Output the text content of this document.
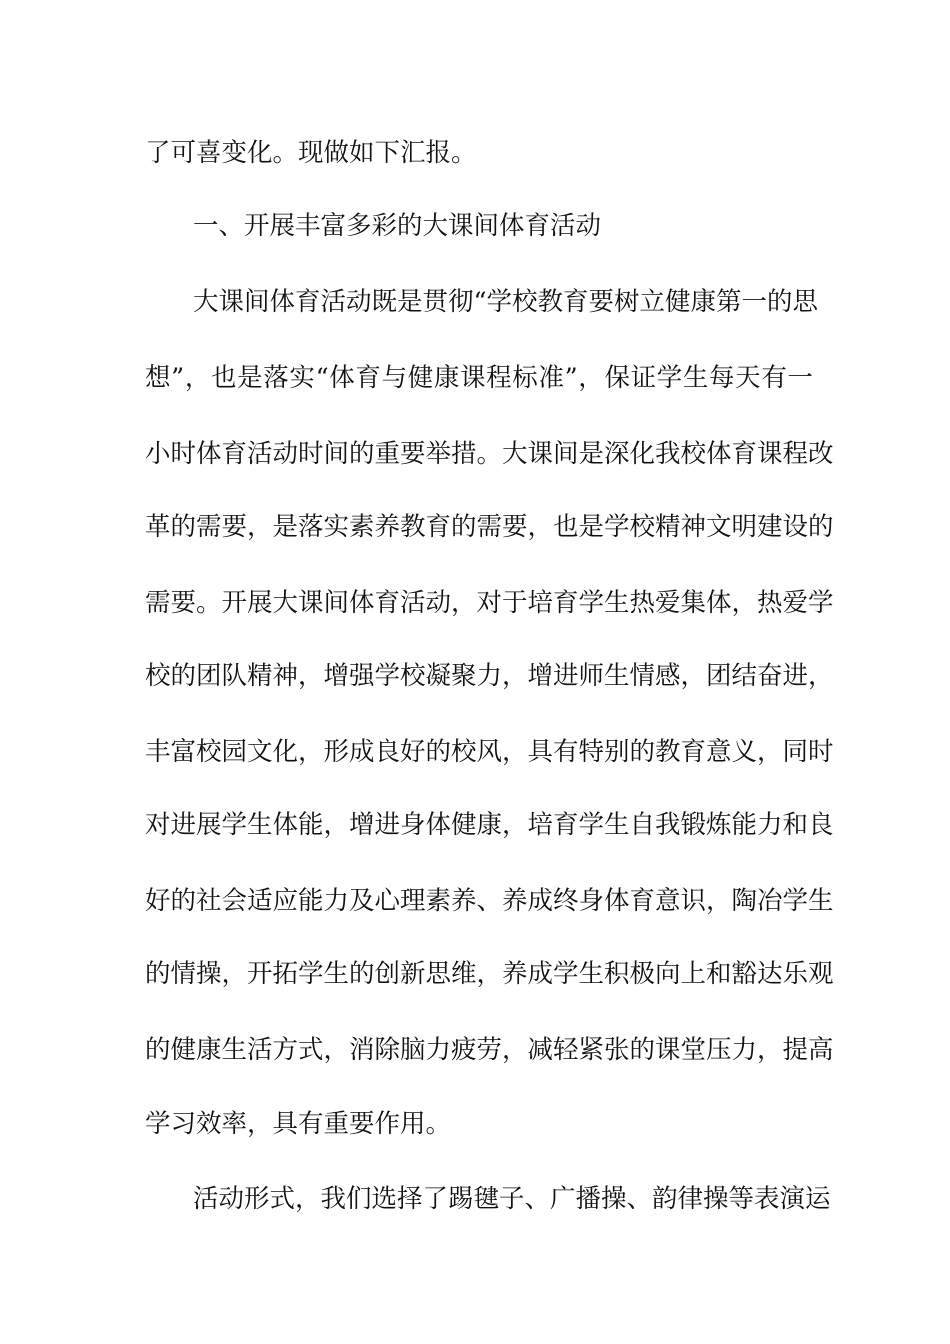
了可喜变化。现做如下汇报。
一、开展丰富多彩的大课间体育活动
大课间体育活动既是贯彻“学校教育要树立健康第一的思
想”，也是落实“体育与健康课程标准”，保证学生每天有一
小时体育活动时间的重要举措。大课间是深化我校体育课程改
革的需要，是落实素养教育的需要，也是学校精神文明建设的
需要。开展大课间体育活动，对于培育学生热爱集体，热爱学
校的团队精神，增强学校凝聚力，增进师生情感，团结奋进，
丰富校园文化，形成良好的校风，具有特别的教育意义，同时
对进展学生体能，增进身体健康，培育学生自我锻炼能力和良
好的社会适应能力及心理素养、养成终身体育意识，陶冶学生
的情操，开拓学生的创新思维，养成学生积极向上和豁达乐观
的健康生活方式，消除脑力疲劳，减轻紧张的课堂压力，提高
学习效率，具有重要作用。
活动形式，我们选择了踢毽子、广播操、韵律操等表演运
